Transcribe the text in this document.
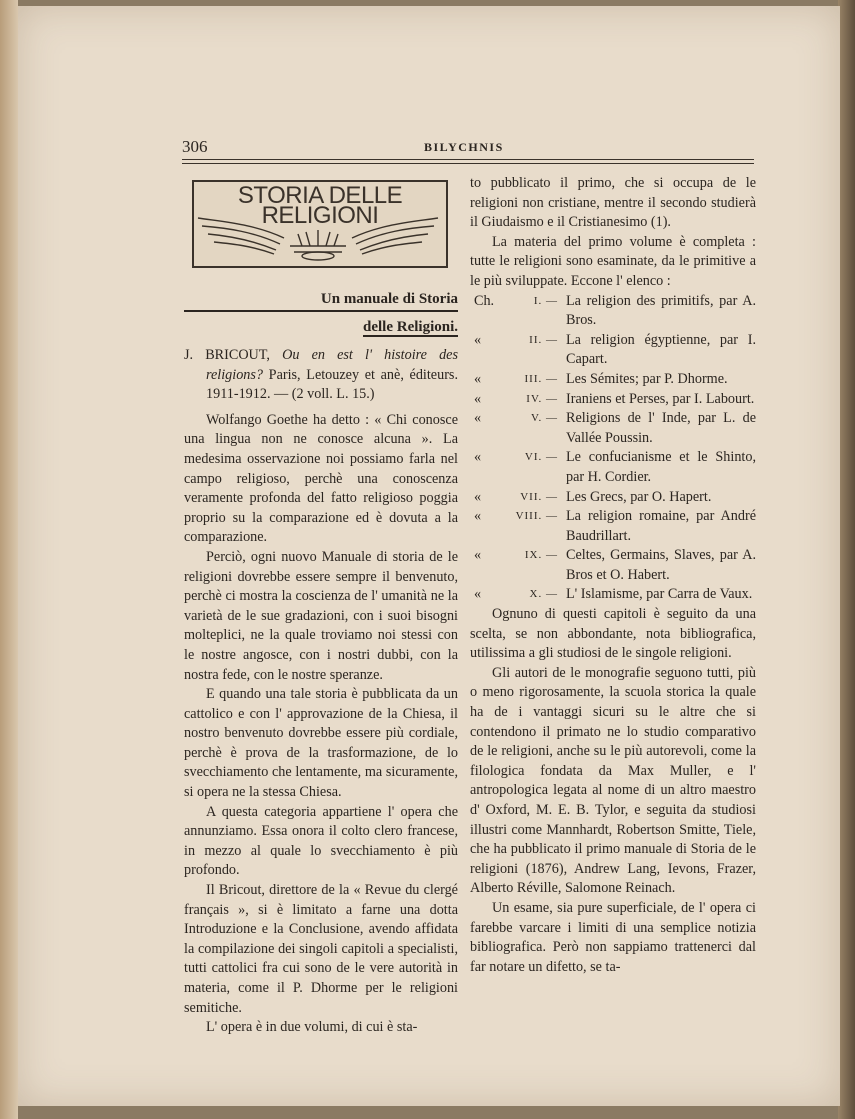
306	BILYCHNIS
STORIA DELLE RELIGIONI
Un manuale di Storia
delle Religioni.

J. BRICOUT, Ou en est l' histoire des religions? Paris, Letouzey et anè, éditeurs. 1911-1912. — (2 voll. L. 15.)

Wolfango Goethe ha detto : « Chi conosce una lingua non ne conosce alcuna ». La medesima osservazione noi possiamo farla nel campo religioso, perchè una conoscenza veramente profonda del fatto religioso poggia proprio su la comparazione ed è dovuta a la comparazione.

Perciò, ogni nuovo Manuale di storia de le religioni dovrebbe essere sempre il benvenuto, perchè ci mostra la coscienza de l' umanità ne la varietà de le sue gradazioni, con i suoi bisogni molteplici, ne la quale troviamo noi stessi con le nostre angosce, con i nostri dubbi, con la nostra fede, con le nostre speranze.

E quando una tale storia è pubblicata da un cattolico e con l' approvazione de la Chiesa, il nostro benvenuto dovrebbe essere più cordiale, perchè è prova de la trasformazione, de lo svecchiamento che lentamente, ma sicuramente, si opera ne la stessa Chiesa.

A questa categoria appartiene l' opera che annunziamo. Essa onora il colto clero francese, in mezzo al quale lo svecchiamento è più profondo.

Il Bricout, direttore de la « Revue du clergé français », si è limitato a farne una dotta Introduzione e la Conclusione, avendo affidata la compilazione dei singoli capitoli a specialisti, tutti cattolici fra cui sono de le vere autorità in materia, come il P. Dhorme per le religioni semitiche.

L' opera è in due volumi, di cui è sta-

to pubblicato il primo, che si occupa de le religioni non cristiane, mentre il secondo studierà il Giudaismo e il Cristianesimo (1).

La materia del primo volume è completa : tutte le religioni sono esaminate, da le primitive a le più sviluppate. Eccone l' elenco :

Ch.	I. — La religion des primitifs, par A. Bros.
«	II. — La religion égyptienne, par I. Capart.
«	III. — Les Sémites; par P. Dhorme.
«	IV. — Iraniens et Perses, par I. Labourt.
«	V. — Religions de l' Inde, par L. de Vallée Poussin.
«	VI. — Le confucianisme et le Shinto, par H. Cordier.
«	VII. — Les Grecs, par O. Hapert.
«	VIII. — La religion romaine, par André Baudrillart.
«	IX. — Celtes, Germains, Slaves, par A. Bros et O. Habert.
«	X. — L' Islamisme, par Carra de Vaux.

Ognuno di questi capitoli è seguito da una scelta, se non abbondante, nota bibliografica, utilissima a gli studiosi de le singole religioni.

Gli autori de le monografie seguono tutti, più o meno rigorosamente, la scuola storica la quale ha de i vantaggi sicuri su le altre che si contendono il primato ne lo studio comparativo de le religioni, anche su le più autorevoli, come la filologica fondata da Max Muller, e l' antropologica legata al nome di un altro maestro d' Oxford, M. E. B. Tylor, e seguita da studiosi illustri come Mannhardt, Robertson Smitte, Tiele, che ha pubblicato il primo manuale di Storia de le religioni (1876), Andrew Lang, Ievons, Frazer, Alberto Réville, Salomone Reinach.

Un esame, sia pure superficiale, de l' opera ci farebbe varcare i limiti di una semplice notizia bibliografica. Però non sappiamo trattenerci dal far notare un difetto, se ta-
